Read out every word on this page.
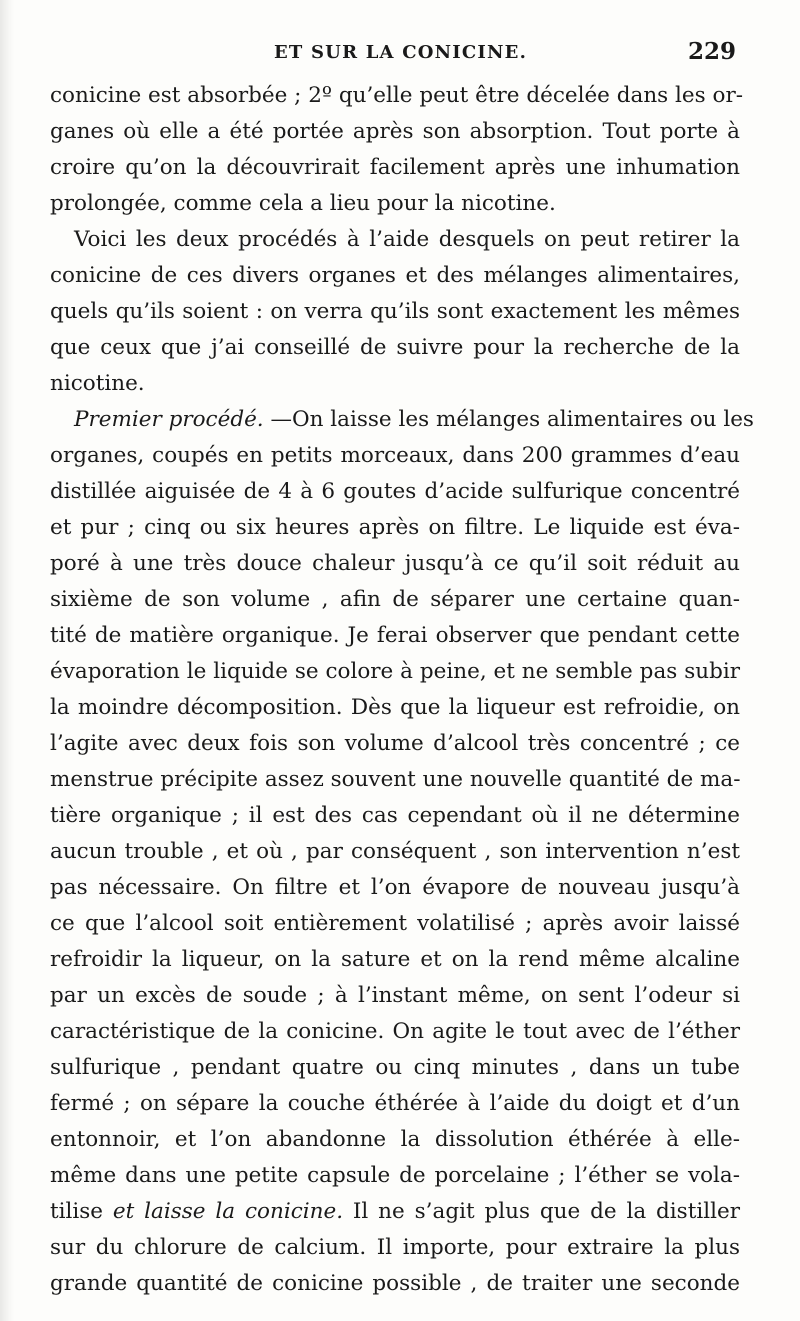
ET SUR LA CONICINE.	229
conicine est absorbée ; 2º qu’elle peut être décelée dans les or-
ganes où elle a été portée après son absorption. Tout porte à
croire qu’on la découvrirait facilement après une inhumation
prolongée, comme cela a lieu pour la nicotine.
Voici les deux procédés à l’aide desquels on peut retirer la
conicine de ces divers organes et des mélanges alimentaires,
quels qu’ils soient : on verra qu’ils sont exactement les mêmes
que ceux que j’ai conseillé de suivre pour la recherche de la
nicotine.
Premier procédé. —On laisse les mélanges alimentaires ou les
organes, coupés en petits morceaux, dans 200 grammes d’eau
distillée aiguisée de 4 à 6 goutes d’acide sulfurique concentré
et pur ; cinq ou six heures après on filtre. Le liquide est éva-
poré à une très douce chaleur jusqu’à ce qu’il soit réduit au
sixième de son volume , afin de séparer une certaine quan-
tité de matière organique. Je ferai observer que pendant cette
évaporation le liquide se colore à peine, et ne semble pas subir
la moindre décomposition. Dès que la liqueur est refroidie, on
l’agite avec deux fois son volume d’alcool très concentré ; ce
menstrue précipite assez souvent une nouvelle quantité de ma-
tière organique ; il est des cas cependant où il ne détermine
aucun trouble , et où , par conséquent , son intervention n’est
pas nécessaire. On filtre et l’on évapore de nouveau jusqu’à
ce que l’alcool soit entièrement volatilisé ; après avoir laissé
refroidir la liqueur, on la sature et on la rend même alcaline
par un excès de soude ; à l’instant même, on sent l’odeur si
caractéristique de la conicine. On agite le tout avec de l’éther
sulfurique , pendant quatre ou cinq minutes , dans un tube
fermé ; on sépare la couche éthérée à l’aide du doigt et d’un
entonnoir, et l’on abandonne la dissolution éthérée à elle-
même dans une petite capsule de porcelaine ; l’éther se vola-
tilise et laisse la conicine. Il ne s’agit plus que de la distiller
sur du chlorure de calcium. Il importe, pour extraire la plus
grande quantité de conicine possible , de traiter une seconde
